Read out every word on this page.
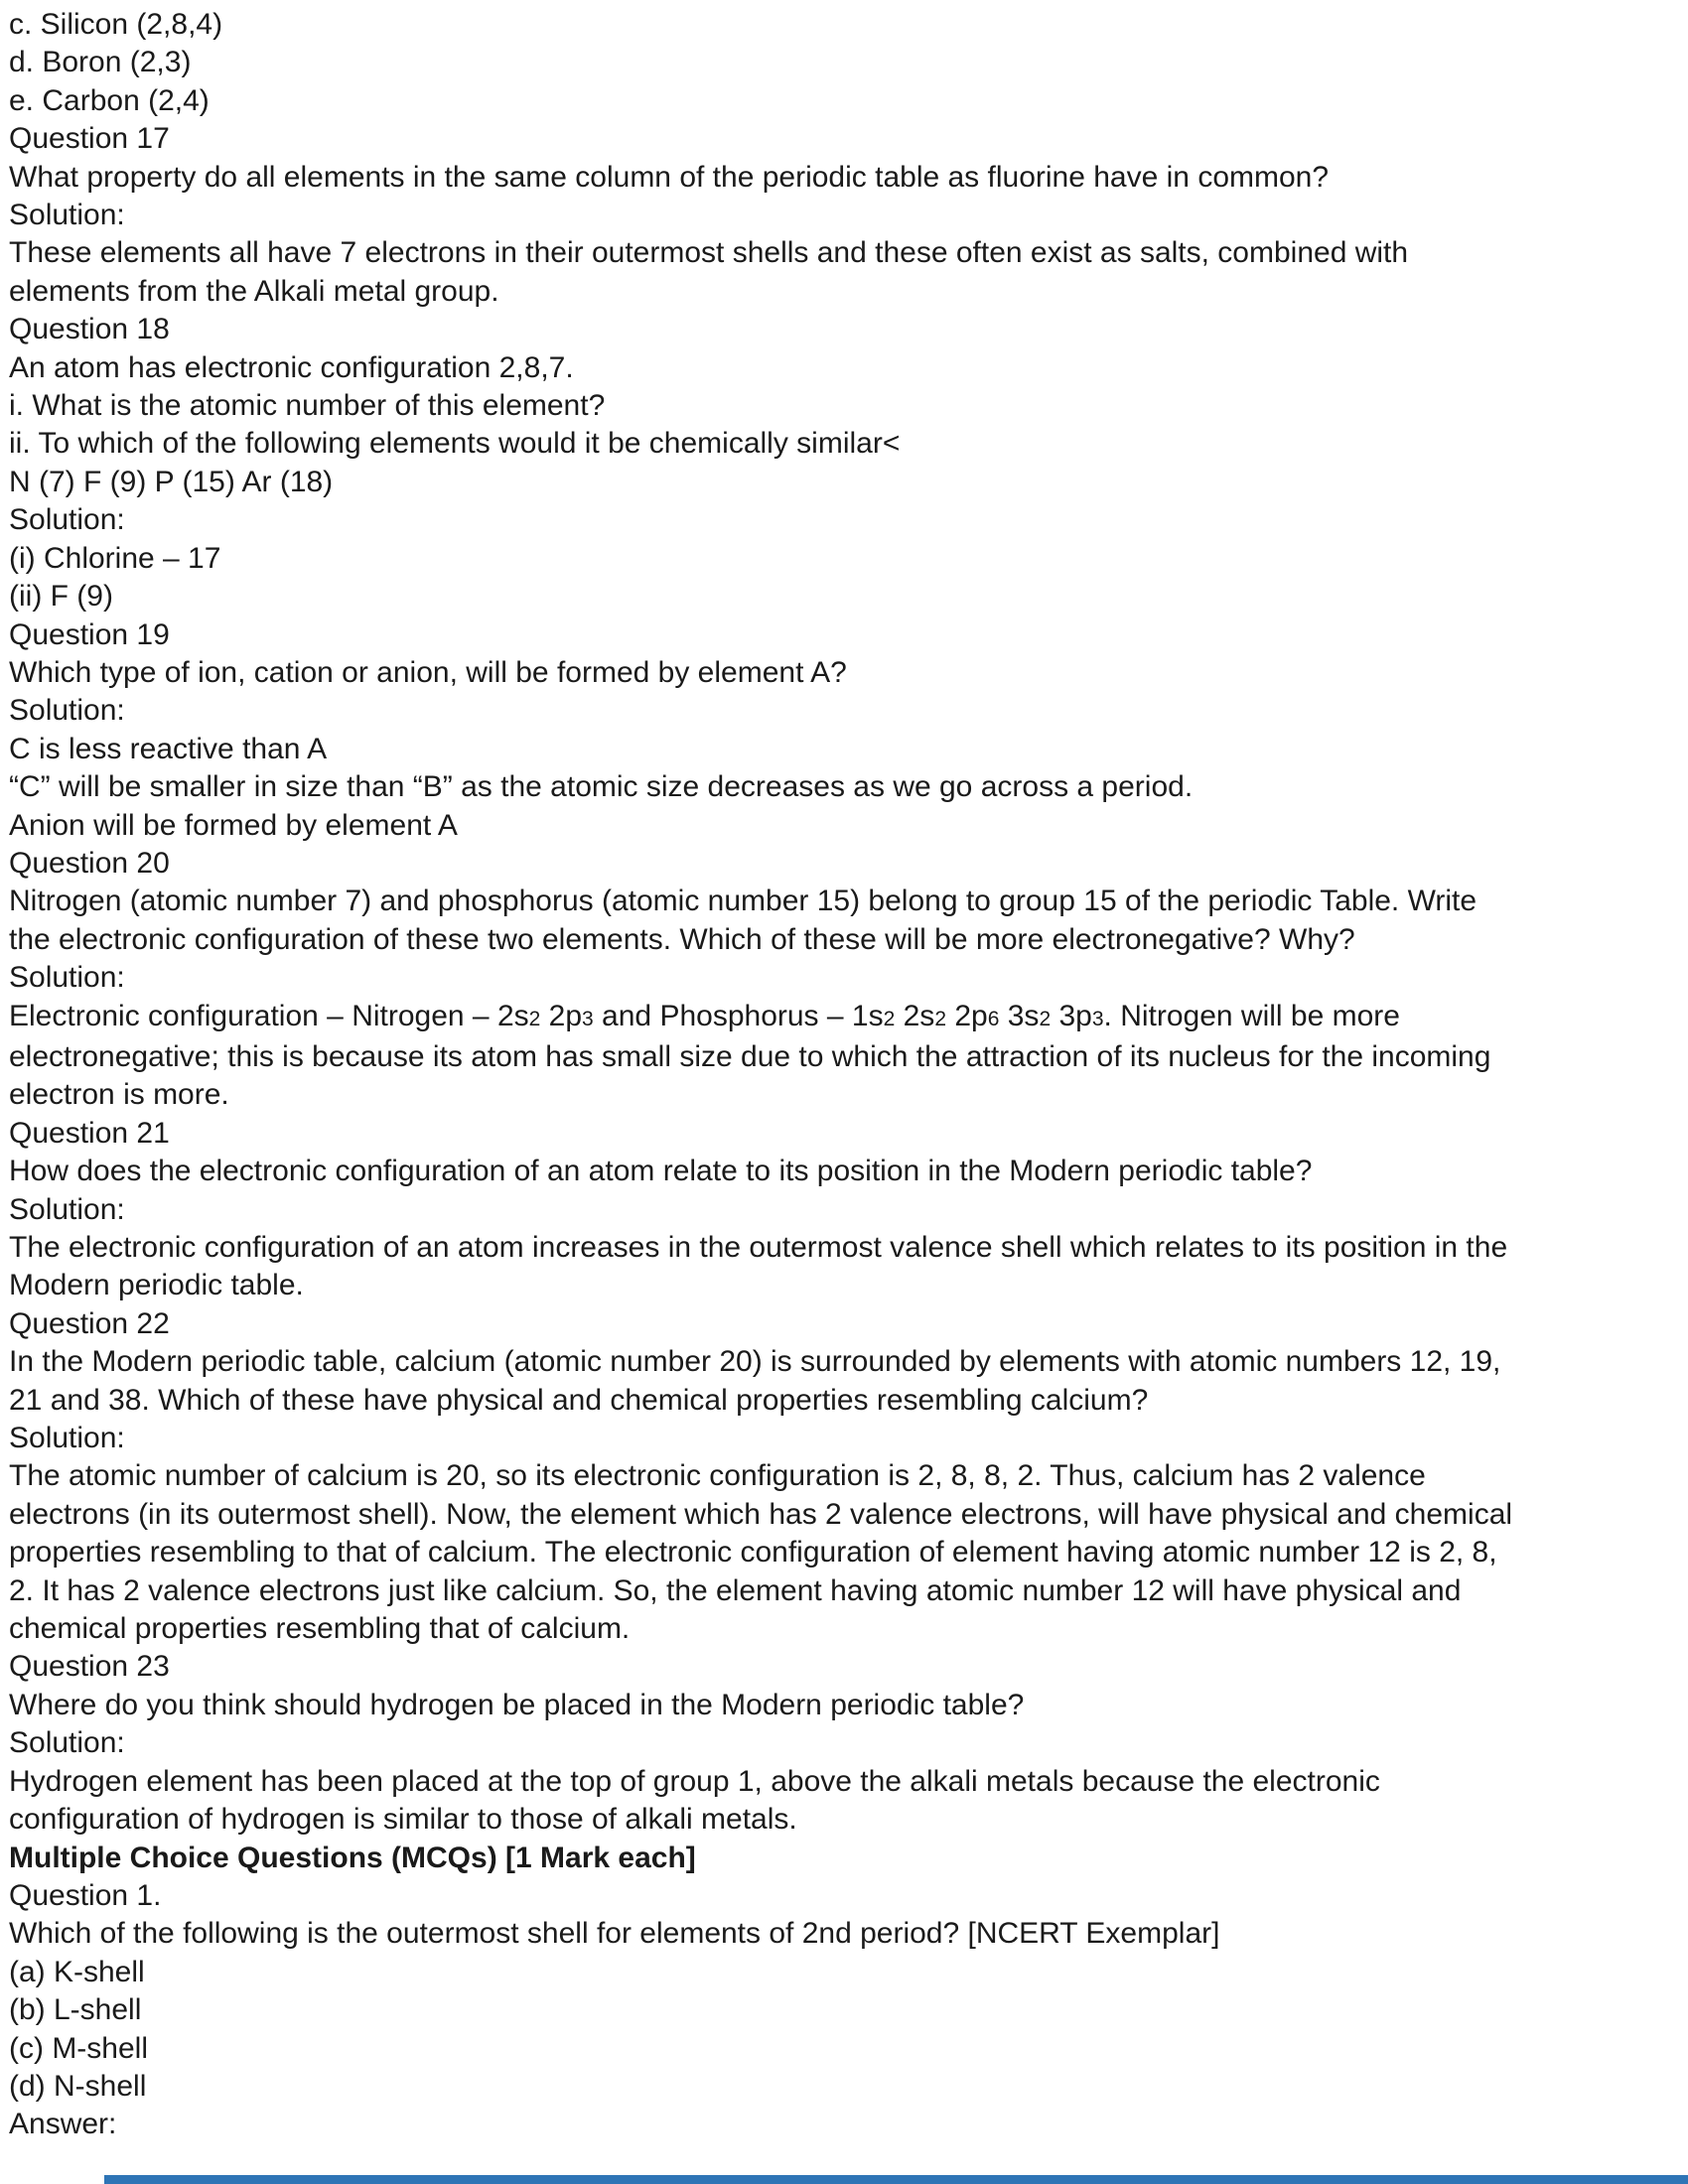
c. Silicon (2,8,4)

d. Boron (2,3)

e. Carbon (2,4)

Question 17

What property do all elements in the same column of the periodic table as fluorine have in common?

Solution:

These elements all have 7 electrons in their outermost shells and these often exist as salts, combined with

elements from the Alkali metal group.

Question 18

An atom has electronic configuration 2,8,7.

i. What is the atomic number of this element?

ii. To which of the following elements would it be chemically similar<

N (7) F (9) P (15) Ar (18)

Solution:

(i) Chlorine – 17

(ii) F (9)

Question 19

Which type of ion, cation or anion, will be formed by element A?

Solution:

C is less reactive than A

“C” will be smaller in size than “B” as the atomic size decreases as we go across a period.

Anion will be formed by element A

Question 20

Nitrogen (atomic number 7) and phosphorus (atomic number 15) belong to group 15 of the periodic Table. Write

the electronic configuration of these two elements. Which of these will be more electronegative? Why?

Solution:

Electronic configuration – Nitrogen – 2s2 2p3 and Phosphorus – 1s2 2s2 2p6 3s2 3p3. Nitrogen will be more

electronegative; this is because its atom has small size due to which the attraction of its nucleus for the incoming

electron is more.

Question 21

How does the electronic configuration of an atom relate to its position in the Modern periodic table?

Solution:

The electronic configuration of an atom increases in the outermost valence shell which relates to its position in the

Modern periodic table.

Question 22

In the Modern periodic table, calcium (atomic number 20) is surrounded by elements with atomic numbers 12, 19,

21 and 38. Which of these have physical and chemical properties resembling calcium?

Solution:

The atomic number of calcium is 20, so its electronic configuration is 2, 8, 8, 2. Thus, calcium has 2 valence

electrons (in its outermost shell). Now, the element which has 2 valence electrons, will have physical and chemical

properties resembling to that of calcium. The electronic configuration of element having atomic number 12 is 2, 8,

2. It has 2 valence electrons just like calcium. So, the element having atomic number 12 will have physical and

chemical properties resembling that of calcium.

Question 23

Where do you think should hydrogen be placed in the Modern periodic table?

Solution:

Hydrogen element has been placed at the top of group 1, above the alkali metals because the electronic

configuration of hydrogen is similar to those of alkali metals.

Multiple Choice Questions (MCQs) [1 Mark each]

Question 1.

Which of the following is the outermost shell for elements of 2nd period? [NCERT Exemplar]

(a) K-shell

(b) L-shell

(c) M-shell

(d) N-shell

Answer:
